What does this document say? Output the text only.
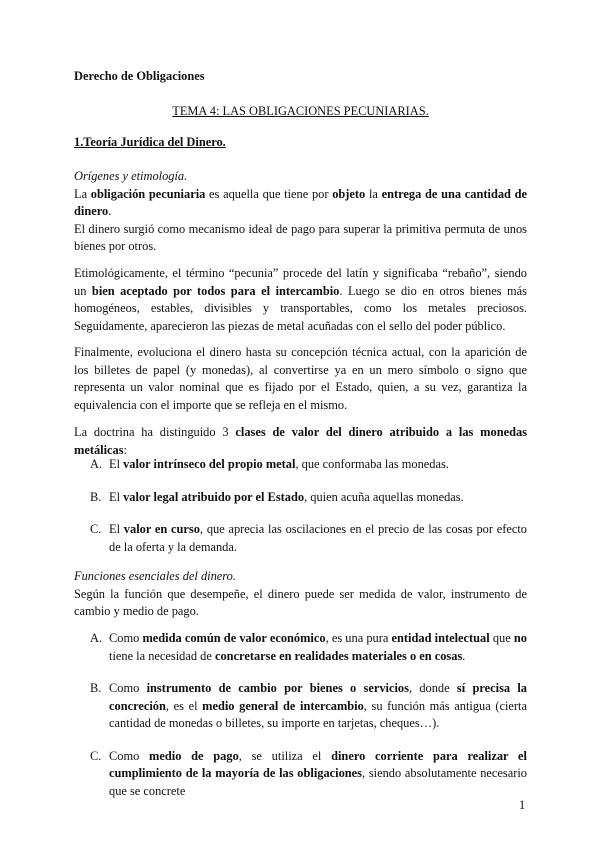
Derecho de Obligaciones

TEMA 4: LAS OBLIGACIONES PECUNIARIAS.

1.Teoría Jurídica del Dinero.

Orígenes y etimología.

La obligación pecuniaria es aquella que tiene por objeto la entrega de una cantidad de dinero.

El dinero surgió como mecanismo ideal de pago para superar la primitiva permuta de unos bienes por otros.

Etimológicamente, el término “pecunia” procede del latín y significaba “rebaño”, siendo un bien aceptado por todos para el intercambio. Luego se dio en otros bienes más homogéneos, estables, divisibles y transportables, como los metales preciosos. Seguidamente, aparecieron las piezas de metal acuñadas con el sello del poder público.

Finalmente, evoluciona el dinero hasta su concepción técnica actual, con la aparición de los billetes de papel (y monedas), al convertirse ya en un mero símbolo o signo que representa un valor nominal que es fijado por el Estado, quien, a su vez, garantiza la equivalencia con el importe que se refleja en el mismo.

La doctrina ha distinguido 3 clases de valor del dinero atribuido a las monedas metálicas:

A. El valor intrínseco del propio metal, que conformaba las monedas.

B. El valor legal atribuido por el Estado, quien acuña aquellas monedas.

C. El valor en curso, que aprecia las oscilaciones en el precio de las cosas por efecto de la oferta y la demanda.

Funciones esenciales del dinero.

Según la función que desempeñe, el dinero puede ser medida de valor, instrumento de cambio y medio de pago.

A. Como medida común de valor económico, es una pura entidad intelectual que no tiene la necesidad de concretarse en realidades materiales o en cosas.

B. Como instrumento de cambio por bienes o servicios, donde sí precisa la concreción, es el medio general de intercambio, su función más antigua (cierta cantidad de monedas o billetes, su importe en tarjetas, cheques…).

C. Como medio de pago, se utiliza el dinero corriente para realizar el cumplimiento de la mayoría de las obligaciones, siendo absolutamente necesario que se concrete

1
